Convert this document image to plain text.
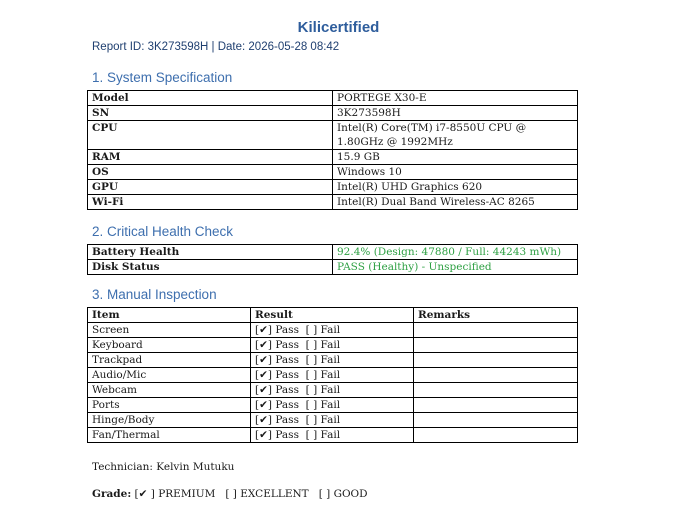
Kilicertified
Report ID: 3K273598H | Date: 2026-05-28 08:42
1. System Specification
Model	PORTEGE X30-E
SN	3K273598H
CPU	Intel(R) Core(TM) i7-8550U CPU @ 1.80GHz @ 1992MHz
RAM	15.9 GB
OS	Windows 10
GPU	Intel(R) UHD Graphics 620
Wi-Fi	Intel(R) Dual Band Wireless-AC 8265
2. Critical Health Check
Battery Health	92.4% (Design: 47880 / Full: 44243 mWh)
Disk Status	PASS (Healthy) - Unspecified
3. Manual Inspection
Item	Result	Remarks
Screen	[✔] Pass  [ ] Fail	
Keyboard	[✔] Pass  [ ] Fail	
Trackpad	[✔] Pass  [ ] Fail	
Audio/Mic	[✔] Pass  [ ] Fail	
Webcam	[✔] Pass  [ ] Fail	
Ports	[✔] Pass  [ ] Fail	
Hinge/Body	[✔] Pass  [ ] Fail	
Fan/Thermal	[✔] Pass  [ ] Fail	
Technician: Kelvin Mutuku
Grade: [✔ ] PREMIUM   [ ] EXCELLENT   [ ] GOOD
